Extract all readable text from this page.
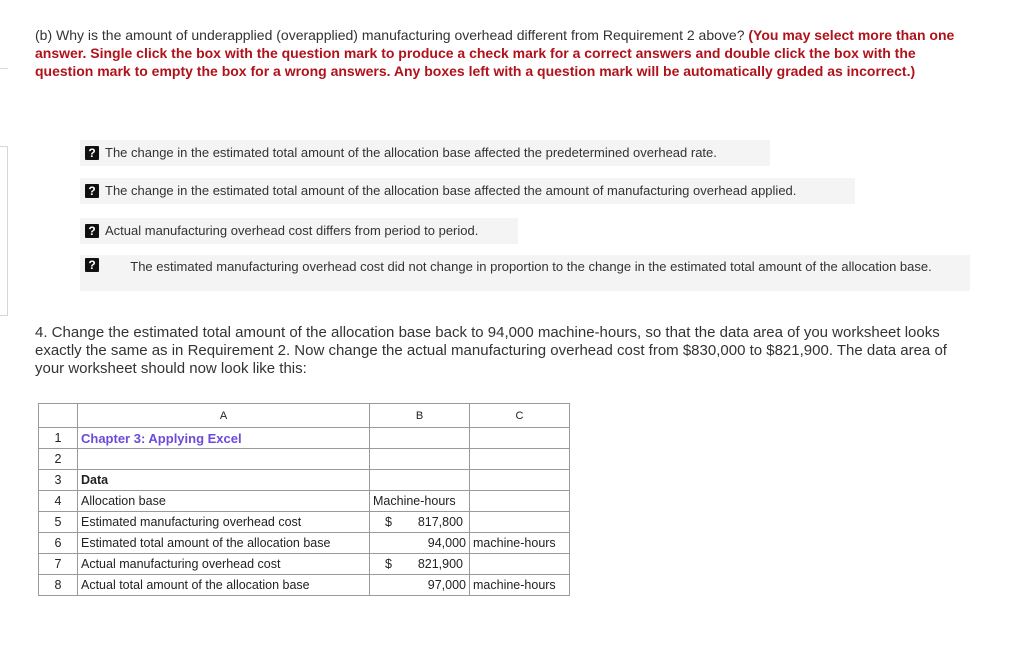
(b) Why is the amount of underapplied (overapplied) manufacturing overhead different from Requirement 2 above? (You may select more than one answer. Single click the box with the question mark to produce a check mark for a correct answers and double click the box with the question mark to empty the box for a wrong answers. Any boxes left with a question mark will be automatically graded as incorrect.)
? The change in the estimated total amount of the allocation base affected the predetermined overhead rate.
? The change in the estimated total amount of the allocation base affected the amount of manufacturing overhead applied.
? Actual manufacturing overhead cost differs from period to period.
?	The estimated manufacturing overhead cost did not change in proportion to the change in the estimated total amount of the allocation base.
4. Change the estimated total amount of the allocation base back to 94,000 machine-hours, so that the data area of you worksheet looks exactly the same as in Requirement 2. Now change the actual manufacturing overhead cost from $830,000 to $821,900. The data area of your worksheet should now look like this:
	A	B	C
1	Chapter 3: Applying Excel		
2			
3	Data		
4	Allocation base	Machine-hours	
5	Estimated manufacturing overhead cost	$ 817,800	

6	Estimated total amount of the allocation base	94,000	machine-hours
7	Actual manufacturing overhead cost	$ 821,900	

8	Actual total amount of the allocation base	97,000	machine-hours
